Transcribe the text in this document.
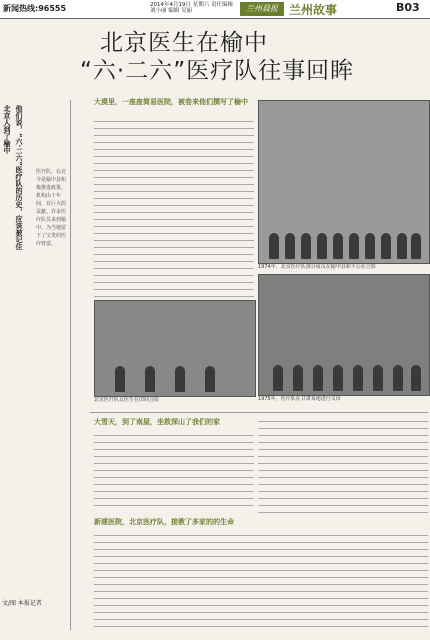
新闻热线:96555	2014年4月19日 星期六 责任编辑 刘小丽 编辑 吴丽	兰州晨报 兰州故事	B03
北京医生在榆中
“六·二六”医疗队往事回眸
北京人到了榆中 他们说，“六·二六”医疗队的历史，应该被记住	医疗队，在北今是榆中县积极推进政策。机构由十年间，有巨大的贡献。许多医疗队员来到榆中，为当地留下了宝贵的医疗财富。
文/图 本报记者
大漠里，一座座简易医院，被卷来他们撰写了榆中
1974年，北京医疗队部分成员在榆中县和平公社合影
1975年，医疗队在甘肃某地进行义诊
北京医疗队女医生在田间合影
大雪天，到了南屋，坐救深山了我们的家
新建医院，北京医疗队，接教了多家的的生命
